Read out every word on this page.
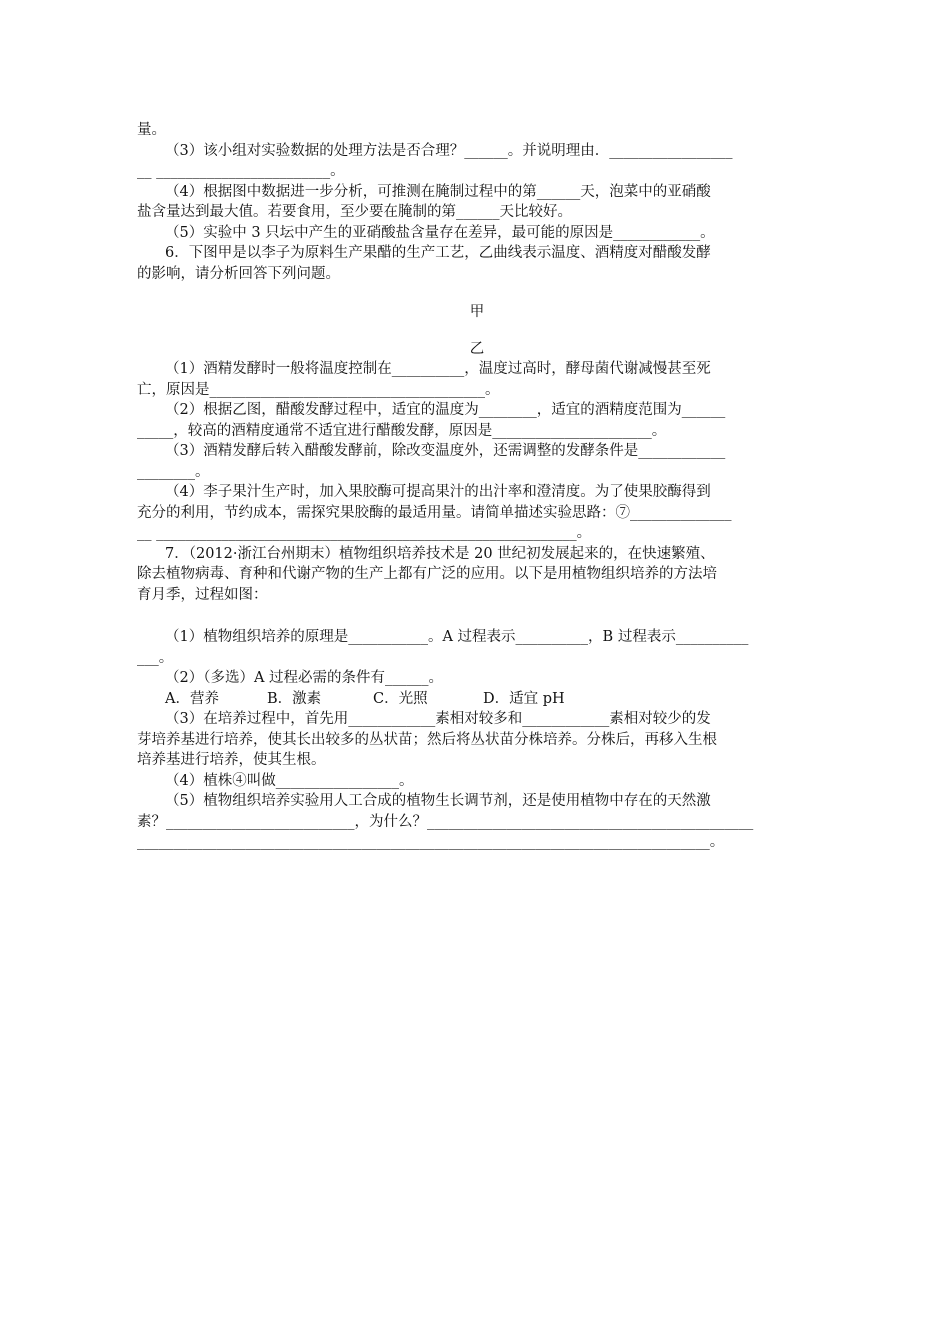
量。
（3）该小组对实验数据的处理方法是否合理？______。并说明理由．_________________
__ ________________________。
（4）根据图中数据进一步分析，可推测在腌制过程中的第______天，泡菜中的亚硝酸
盐含量达到最大值。若要食用，至少要在腌制的第______天比较好。
（5）实验中 3 只坛中产生的亚硝酸盐含量存在差异，最可能的原因是____________。
6．下图甲是以李子为原料生产果醋的生产工艺，乙曲线表示温度、酒精度对醋酸发酵
的影响，请分析回答下列问题。
甲
乙
（1）酒精发酵时一般将温度控制在__________，温度过高时，酵母菌代谢减慢甚至死
亡，原因是______________________________________。
（2）根据乙图，醋酸发酵过程中，适宜的温度为________，适宜的酒精度范围为______
_____，较高的酒精度通常不适宜进行醋酸发酵，原因是______________________。
（3）酒精发酵后转入醋酸发酵前，除改变温度外，还需调整的发酵条件是____________
________。
（4）李子果汁生产时，加入果胶酶可提高果汁的出汁率和澄清度。为了使果胶酶得到
充分的利用，节约成本，需探究果胶酶的最适用量。请简单描述实验思路：⑦______________
__ __________________________________________________________。
7．（2012·浙江台州期末）植物组织培养技术是 20 世纪初发展起来的，在快速繁殖、
除去植物病毒、育种和代谢产物的生产上都有广泛的应用。以下是用植物组织培养的方法培
育月季，过程如图：
（1）植物组织培养的原理是___________。A 过程表示__________，B 过程表示__________
___。
（2）（多选）A 过程必需的条件有______。
A．营养	B．激素	C．光照	D．适宜 pH
（3）在培养过程中，首先用____________素相对较多和____________素相对较少的发
芽培养基进行培养，使其长出较多的丛状苗；然后将丛状苗分株培养。分株后，再移入生根
培养基进行培养，使其生根。
（4）植株④叫做_________________。
（5）植物组织培养实验用人工合成的植物生长调节剂，还是使用植物中存在的天然激
素？__________________________，为什么？_____________________________________________
_______________________________________________________________________________。
